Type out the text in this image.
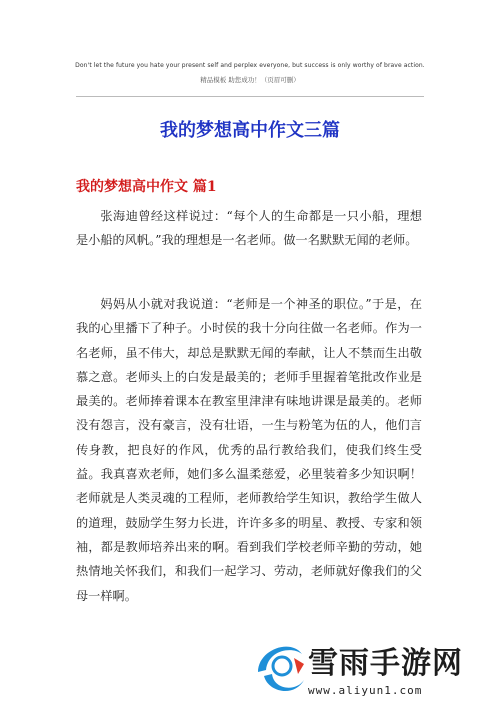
Don't let the future you hate your present self and perplex everyone, but success is only worthy of brave action.
精品模板 助您成功！（页眉可删）
我的梦想高中作文三篇
我的梦想高中作文 篇1

张海迪曾经这样说过：“每个人的生命都是一只小船，理想是小船的风帆。”我的理想是一名老师。做一名默默无闻的老师。

妈妈从小就对我说道：“老师是一个神圣的职位。”于是，在我的心里播下了种子。小时侯的我十分向往做一名老师。作为一名老师，虽不伟大，却总是默默无闻的奉献，让人不禁而生出敬慕之意。老师头上的白发是最美的；老师手里握着笔批改作业是最美的。老师捧着课本在教室里津津有味地讲课是最美的。老师没有怨言，没有豪言，没有壮语，一生与粉笔为伍的人，他们言传身教，把良好的作风，优秀的品行教给我们，使我们终生受益。我真喜欢老师，她们多么温柔慈爱，必里装着多少知识啊！老师就是人类灵魂的工程师，老师教给学生知识，教给学生做人的道理，鼓励学生努力长进，许许多多的明星、教授、专家和领袖，都是教师培养出来的啊。看到我们学校老师辛勤的劳动，她热情地关怀我们，和我们一起学习、劳动，老师就好像我们的父母一样啊。

雪雨手游网
www.aliyun1.com
